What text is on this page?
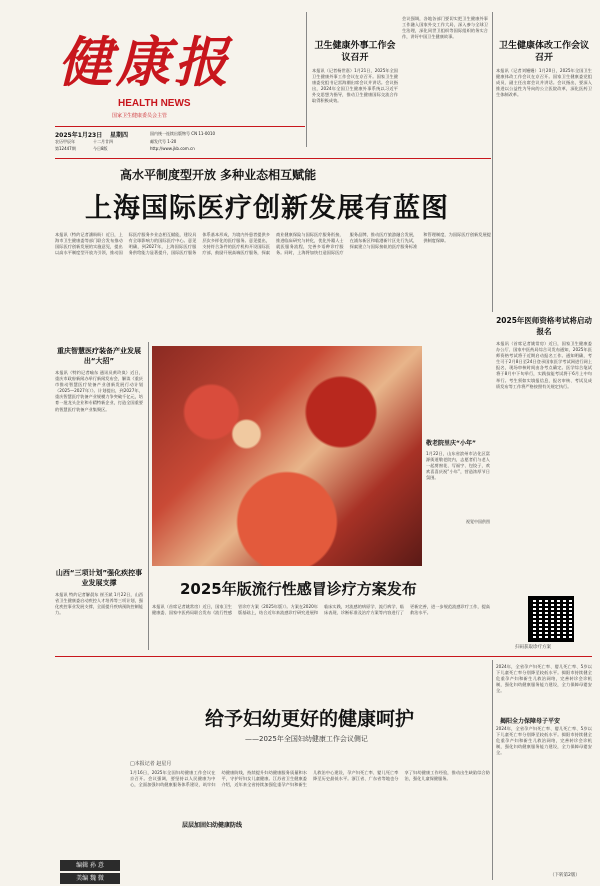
健康报
HEALTH NEWS
国家卫生健康委员会主管
2025年1月23日 星期四
农历甲辰年	十二月廿四
第12447期	今日8版
国内统一连续出版物号 CN 11-0010
邮发代号 1-20
http://www.jkb.com.cn
卫生健康外事工作会议召开
本报讯（记者杨世嘉）1月21日，2025年全国卫生健康外事工作会议在京召开。国家卫生健康委党组书记雷海潮出席会议并讲话。会议指出，2024年全国卫生健康外事系统以习近平外交思想为指导，推动卫生健康国际交流合作取得积极成效。
会议强调，各地各部门要切实把卫生健康外事工作融入国家外交工作大局，深入参与全球卫生治理，深化同世卫组织等国际组织的务实合作，讲好中国卫生健康故事。
卫生健康体改工作会议召开
本报讯（记者刘嫚嫚）1月20日，2025年全国卫生健康体改工作会议在京召开。国家卫生健康委党组成员、副主任出席会议并讲话。会议指出，要深入推进以公益性为导向的公立医院改革，深化医药卫生体制改革。
高水平制度型开放 多种业态相互赋能
上海国际医疗创新发展有蓝图
本报讯（特约记者潘盼盼）近日，上海市卫生健康委等部门联合发布推动国际医疗创新发展的实施意见，提出以高水平制度型开放为引领，推动国际医疗服务多业态相互赋能，建设具有全球影响力的国际医疗中心。意见明确，到2027年，上海国际医疗服务供给能力显著提升，国际医疗服务体系基本形成，为境内外患者提供多层次多样化的医疗服务。意见提出，支持符合条件的医疗机构开设国际医疗部，鼓励开展高端医疗服务，探索商业健康保险与国际医疗服务衔接，推进临床研究与转化，优化外籍人士就医服务流程，完善多语种诊疗服务。同时，上海将加快打造国际医疗服务品牌，推动医疗旅游融合发展，在浦东新区和临港新片区先行先试，探索建立与国际接轨的医疗服务标准和管理制度，为国际医疗创新发展提供制度保障。
2025年医师资格考试将启动报名
本报讯（首席记者姚常房）近日，国家卫生健康委办公厅、国家中医药局综合司发布通知，2025年医师资格考试将于近期启动报名工作。通知明确，考生可于2月8日至24日登录国家医学考试网进行网上报名，现场审核时间由各考点确定。医学综合笔试将于8月中下旬举行，实践技能考试将于6月上中旬举行。考生须如实填报信息，报名审核、考试及成绩发布等工作将严格按照有关规定执行。
扫码获取诊疗方案
重庆智慧医疗装备产业发展出“大招”
本报讯（特约记者喻东 通讯员黄玲岚）近日，重庆市政府新闻办举行新闻发布会，解读《重庆市推动智慧医疗装备产业创新发展行动计划（2025—2027年）》。计划提出，到2027年，重庆智慧医疗装备产业规模力争突破千亿元，培育一批龙头企业和专精特新企业，打造全国重要的智慧医疗装备产业集聚区。
山西“三项计划”强化疾控事业发展支撑
本报讯 特约记者解晨东 崔丕斌 1月22日，山西省卫生健康委启动疾控人才培养等三项计划，强化疾控事业发展支撑，全面提升疾病预防控制能力。
敬老院里庆“小年”
1月22日，山东省滨州市沾化区富源街道敬老院内，志愿者们与老人一起剪窗花、写福字、包饺子，欢欢喜喜庆祝“小年”，营造浓厚节日氛围。
视觉中国供图
2025年版流行性感冒诊疗方案发布
本报讯（首席记者姚常房）近日，国家卫生健康委、国家中医药局联合发布《流行性感冒诊疗方案（2025年版）》。方案在2020年版基础上，结合近年来流感诊疗研究进展和临床实践，对流感的病原学、流行病学、临床表现、诊断标准及治疗方案等内容进行了更新完善，进一步规范流感诊疗工作，提高救治水平。
给予妇幼更好的健康呵护
——2025年全国妇幼健康工作会议侧记
□本报记者 赵星月
层层加固妇幼健康防线
1月16日，2025年全国妇幼健康工作会议在京召开。会议强调，要坚持以人民健康为中心，全面加强妇幼健康服务体系建设，筑牢妇幼健康防线，持续提升妇幼健康服务质量和水平，守护好妇女儿童健康。江苏省卫生健康委介绍，近年来全省持续加强危重孕产妇和新生儿救治中心建设，孕产妇死亡率、婴儿死亡率降至历史最低水平。浙江省、广东省等地也分享了妇幼健康工作经验，推动出生缺陷综合防治，强化儿童保健服务。
2024年，全省孕产妇死亡率、婴儿死亡率、5岁以下儿童死亡率分别降至较低水平。揭阳市持续健全危重孕产妇和新生儿救治网络，完善转诊会诊机制，强化妇幼健康服务能力建设，全力保障母婴安全。
揭阳全力保障母子平安
2024年，全省孕产妇死亡率、婴儿死亡率、5岁以下儿童死亡率分别降至较低水平。揭阳市持续健全危重孕产妇和新生儿救治网络，完善转诊会诊机制，强化妇幼健康服务能力建设，全力保障母婴安全。
（下转第2版）
编辑 孙 意
美编 魏 微
